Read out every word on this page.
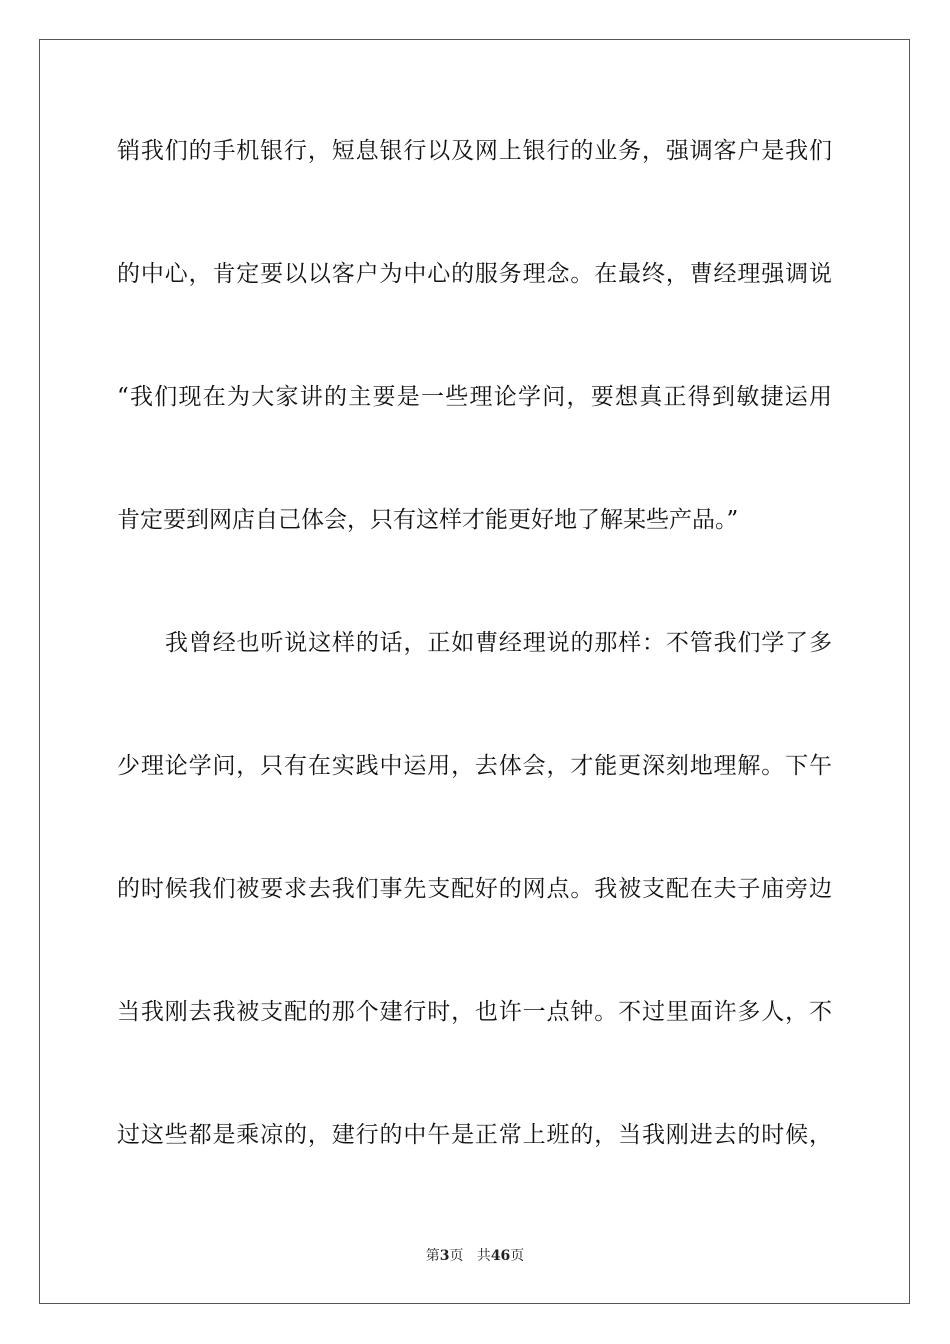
销我们的手机银行，短息银行以及网上银行的业务，强调客户是我们
的中心，肯定要以以客户为中心的服务理念。在最终，曹经理强调说
“我们现在为大家讲的主要是一些理论学问，要想真正得到敏捷运用
肯定要到网店自己体会，只有这样才能更好地了解某些产品。”
我曾经也听说这样的话，正如曹经理说的那样：不管我们学了多
少理论学问，只有在实践中运用，去体会，才能更深刻地理解。下午
的时候我们被要求去我们事先支配好的网点。我被支配在夫子庙旁边
当我刚去我被支配的那个建行时，也许一点钟。不过里面许多人，不
过这些都是乘凉的，建行的中午是正常上班的，当我刚进去的时候，
第3页 共46页
